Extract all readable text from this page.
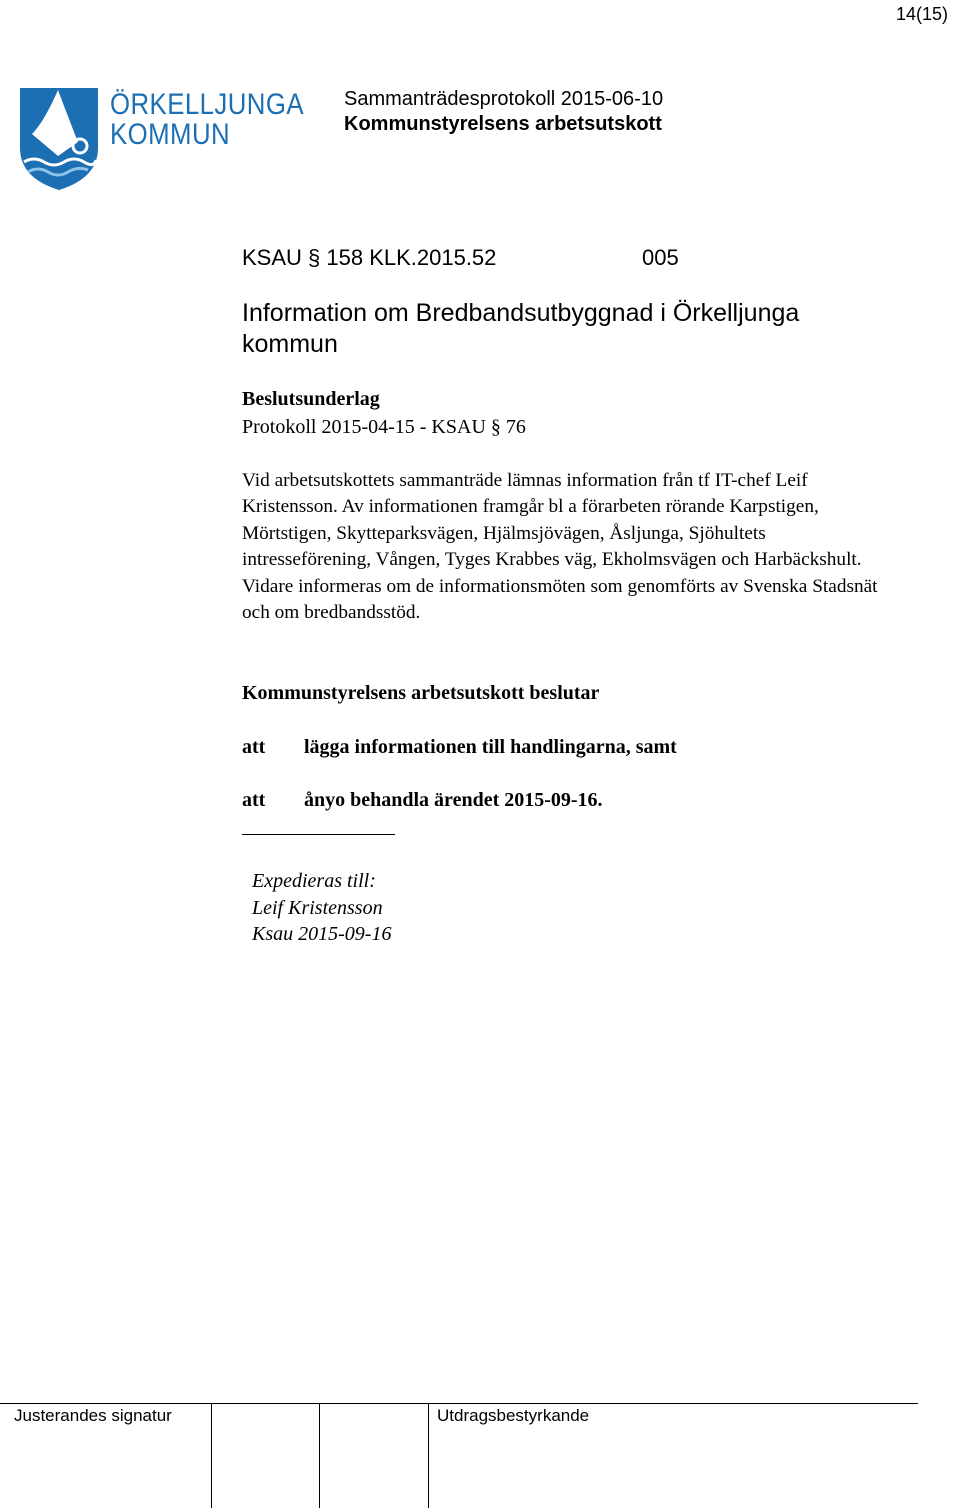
14(15)
ÖRKELLJUNGA
KOMMUN
Sammanträdesprotokoll 2015-06-10
Kommunstyrelsens arbetsutskott
KSAU § 158 KLK.2015.52	005
Information om Bredbandsutbyggnad i Örkelljunga kommun
Beslutsunderlag
Protokoll 2015-04-15 - KSAU § 76
Vid arbetsutskottets sammanträde lämnas information från tf IT-chef Leif Kristensson. Av informationen framgår bl a förarbeten rörande Karpstigen, Mörtstigen, Skytteparksvägen, Hjälmsjövägen, Åsljunga, Sjöhultets intresseförening, Vången, Tyges Krabbes väg, Ekholmsvägen och Harbäckshult. Vidare informeras om de informationsmöten som genomförts av Svenska Stadsnät och om bredbandsstöd.
Kommunstyrelsens arbetsutskott beslutar
att lägga informationen till handlingarna, samt
att ånyo behandla ärendet 2015-09-16.
Expedieras till:
Leif Kristensson
Ksau 2015-09-16
Justerandes signatur	Utdragsbestyrkande
